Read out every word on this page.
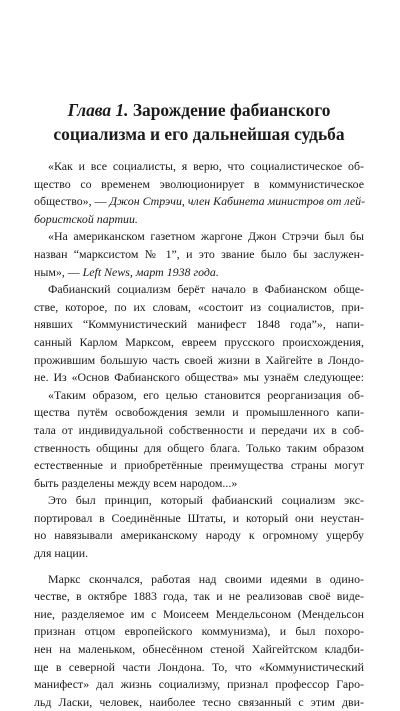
Глава 1. Зарождение фабианского
социализма и его дальнейшая судьба
«Как и все социалисты, я верю, что социалистическое об-
щество со временем эволюционирует в коммунистическое
общество», — Джон Стрэчи, член Кабинета министров от лей-
бористской партии.
«На американском газетном жаргоне Джон Стрэчи был бы
назван “марксистом № 1”, и это звание было бы заслужен-
ным», — Left News, март 1938 года.
Фабианский социализм берёт начало в Фабианском обще-
стве, которое, по их словам, «состоит из социалистов, при-
нявших “Коммунистический манифест 1848 года”», напи-
санный Карлом Марксом, евреем прусского происхождения,
прожившим большую часть своей жизни в Хайгейте в Лондо-
не. Из «Основ Фабианского общества» мы узнаём следующее:
«Таким образом, его целью становится реорганизация об-
щества путём освобождения земли и промышленного капи-
тала от индивидуальной собственности и передачи их в соб-
ственность общины для общего блага. Только таким образом
естественные и приобретённые преимущества страны могут
быть разделены между всем народом...»
Это был принцип, который фабианский социализм экс-
портировал в Соединённые Штаты, и который они неустан-
но навязывали американскому народу к огромному ущербу
для нации.
Маркс скончался, работая над своими идеями в одино-
честве, в октябре 1883 года, так и не реализовав своё виде-
ние, разделяемое им с Моисеем Мендельсоном (Мендельсон
признан отцом европейского коммунизма), и был похоро-
нен на маленьком, обнесённом стеной Хайгейтском кладби-
ще в северной части Лондона. То, что «Коммунистический
манифест» дал жизнь социализму, признал профессор Гаро-
льд Ласки, человек, наиболее тесно связанный с этим дви-
